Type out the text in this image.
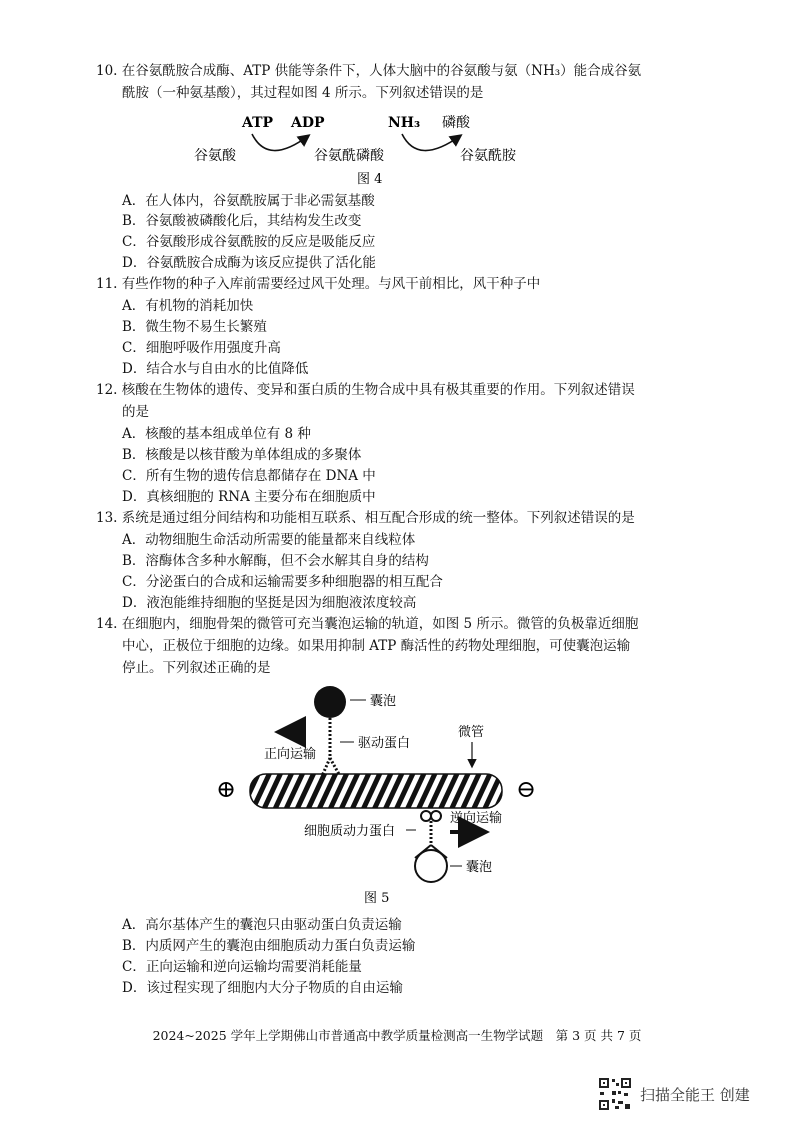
10. 在谷氨酰胺合成酶、ATP 供能等条件下，人体大脑中的谷氨酸与氨（NH₃）能合成谷氨
酰胺（一种氨基酸），其过程如图 4 所示。下列叙述错误的是
ATP ADP	NH₃ 磷酸
谷氨酸	谷氨酰磷酸	谷氨酰胺
图 4
A．在人体内，谷氨酰胺属于非必需氨基酸
B．谷氨酸被磷酸化后，其结构发生改变
C．谷氨酸形成谷氨酰胺的反应是吸能反应
D．谷氨酰胺合成酶为该反应提供了活化能
11. 有些作物的种子入库前需要经过风干处理。与风干前相比，风干种子中
A．有机物的消耗加快
B．微生物不易生长繁殖
C．细胞呼吸作用强度升高
D．结合水与自由水的比值降低
12. 核酸在生物体的遗传、变异和蛋白质的生物合成中具有极其重要的作用。下列叙述错误
的是
A．核酸的基本组成单位有 8 种
B．核酸是以核苷酸为单体组成的多聚体
C．所有生物的遗传信息都储存在 DNA 中
D．真核细胞的 RNA 主要分布在细胞质中
13. 系统是通过组分间结构和功能相互联系、相互配合形成的统一整体。下列叙述错误的是
A．动物细胞生命活动所需要的能量都来自线粒体
B．溶酶体含多种水解酶，但不会水解其自身的结构
C．分泌蛋白的合成和运输需要多种细胞器的相互配合
D．液泡能维持细胞的坚挺是因为细胞液浓度较高
14. 在细胞内，细胞骨架的微管可充当囊泡运输的轨道，如图 5 所示。微管的负极靠近细胞
中心，正极位于细胞的边缘。如果用抑制 ATP 酶活性的药物处理细胞，可使囊泡运输
停止。下列叙述正确的是
囊泡
驱动蛋白
正向运输
微管
⊕	⊖
细胞质动力蛋白
囊泡
逆向运输
图 5
A．高尔基体产生的囊泡只由驱动蛋白负责运输
B．内质网产生的囊泡由细胞质动力蛋白负责运输
C．正向运输和逆向运输均需要消耗能量
D．该过程实现了细胞内大分子物质的自由运输
2024~2025 学年上学期佛山市普通高中教学质量检测高一生物学试题　第 3 页 共 7 页
扫描全能王 创建
